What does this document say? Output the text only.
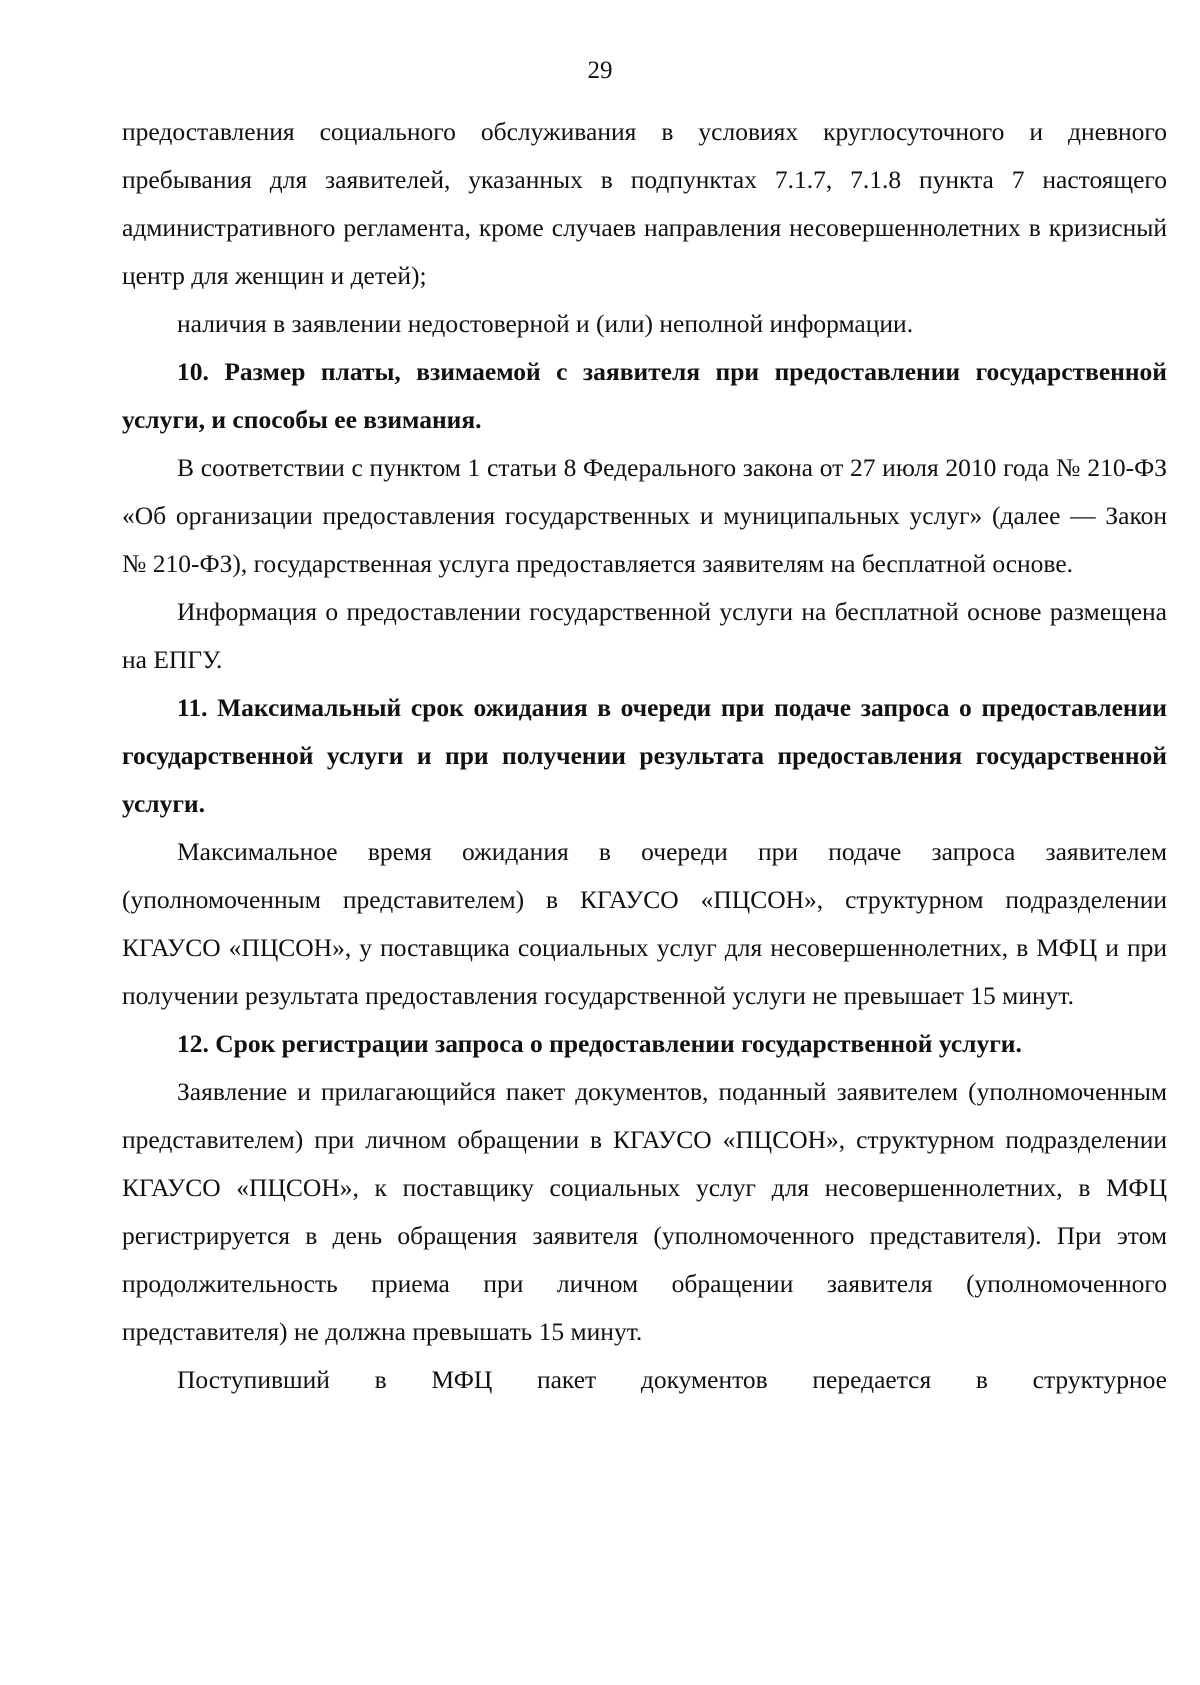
29

предоставления социального обслуживания в условиях круглосуточного и дневного пребывания для заявителей, указанных в подпунктах 7.1.7, 7.1.8 пункта 7 настоящего административного регламента, кроме случаев направления несовершеннолетних в кризисный центр для женщин и детей);

наличия в заявлении недостоверной и (или) неполной информации.

10. Размер платы, взимаемой с заявителя при предоставлении государственной услуги, и способы ее взимания.

В соответствии с пунктом 1 статьи 8 Федерального закона от 27 июля 2010 года № 210-ФЗ «Об организации предоставления государственных и муниципальных услуг» (далее — Закон № 210-ФЗ), государственная услуга предоставляется заявителям на бесплатной основе.

Информация о предоставлении государственной услуги на бесплатной основе размещена на ЕПГУ.

11. Максимальный срок ожидания в очереди при подаче запроса о предоставлении государственной услуги и при получении результата предоставления государственной услуги.

Максимальное время ожидания в очереди при подаче запроса заявителем (уполномоченным представителем) в КГАУСО «ПЦСОН», структурном подразделении КГАУСО «ПЦСОН», у поставщика социальных услуг для несовершеннолетних, в МФЦ и при получении результата предоставления государственной услуги не превышает 15 минут.

12. Срок регистрации запроса о предоставлении государственной услуги.

Заявление и прилагающийся пакет документов, поданный заявителем (уполномоченным представителем) при личном обращении в КГАУСО «ПЦСОН», структурном подразделении КГАУСО «ПЦСОН», к поставщику социальных услуг для несовершеннолетних, в МФЦ регистрируется в день обращения заявителя (уполномоченного представителя). При этом продолжительность приема при личном обращении заявителя (уполномоченного представителя) не должна превышать 15 минут.

Поступивший в МФЦ пакет документов передается в структурное
